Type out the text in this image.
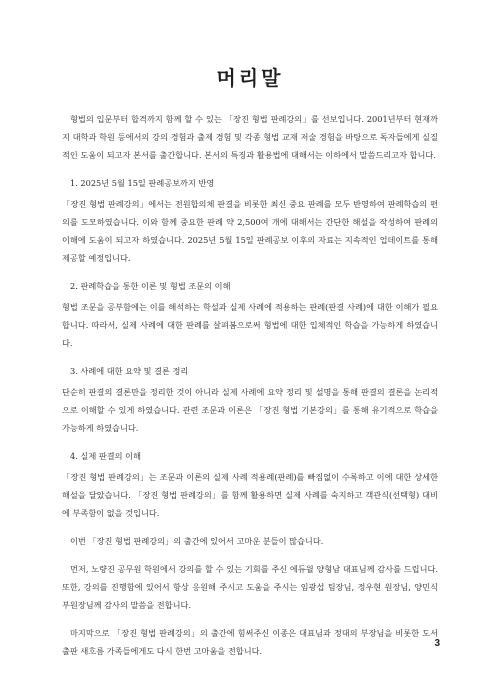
머리말

형법의 입문부터 합격까지 함께 할 수 있는 「장진 형법 판례강의」를 선보입니다. 2001년부터 현재까지 대학과 학원 등에서의 강의 경험과 출제 경험 및 각종 형법 교재 저술 경험을 바탕으로 독자들에게 실질적인 도움이 되고자 본서를 출간합니다. 본서의 특징과 활용법에 대해서는 이하에서 말씀드리고자 합니다.

1. 2025년 5월 15일 판례공보까지 반영

「장진 형법 판례강의」에서는 전원합의체 판결을 비롯한 최신 중요 판례를 모두 반영하여 판례학습의 편의를 도모하였습니다. 이와 함께 중요한 판례 약 2,500여 개에 대해서는 간단한 해설을 작성하여 판례의 이해에 도움이 되고자 하였습니다. 2025년 5월 15일 판례공보 이후의 자료는 지속적인 업데이트를 통해 제공할 예정입니다.

2. 판례학습을 통한 이론 및 형법 조문의 이해

형법 조문을 공부함에는 이를 해석하는 학설과 실제 사례에 적용하는 판례(판결 사례)에 대한 이해가 필요합니다. 따라서, 실제 사례에 대한 판례를 살펴봄으로써 형법에 대한 입체적인 학습을 가능하게 하였습니다.

3. 사례에 대한 요약 및 결론 정리

단순히 판결의 결론만을 정리한 것이 아니라 실제 사례에 요약 정리 및 설명을 통해 판결의 결론을 논리적으로 이해할 수 있게 하였습니다. 관련 조문과 이론은 「장진 형법 기본강의」를 통해 유기적으로 학습을 가능하게 하였습니다.

4. 실제 판결의 이해

「장진 형법 판례강의」는 조문과 이론의 실제 사례 적용례(판례)를 빠짐없이 수록하고 이에 대한 상세한 해설을 달았습니다. 「장진 형법 판례강의」를 함께 활용하면 실제 사례를 숙지하고 객관식(선택형) 대비에 부족함이 없을 것입니다.

이번 「장진 형법 판례강의」의 출간에 있어서 고마운 분들이 많습니다.

먼저, 노량진 공무원 학원에서 강의를 할 수 있는 기회를 주신 에듀윌 양형남 대표님께 감사를 드립니다. 또한, 강의를 진행함에 있어서 항상 응원해 주시고 도움을 주시는 임광섭 팀장님, 정우현 원장님, 양민식 부원장님께 감사의 말씀을 전합니다.

마지막으로 「장진 형법 판례강의」의 출간에 힘써주신 이종은 대표님과 정대의 부장님을 비롯한 도서출판 새흐름 가족들에게도 다시 한번 고마움을 전합니다.

3
